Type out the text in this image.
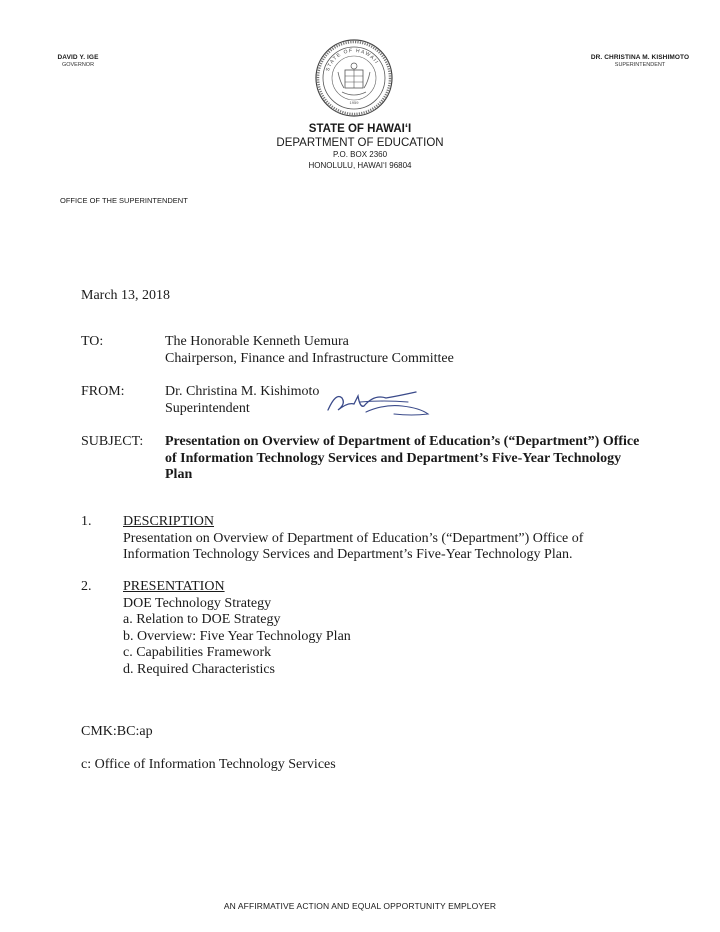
DAVID Y. IGE
GOVERNOR
DR. CHRISTINA M. KISHIMOTO
SUPERINTENDENT
STATE OF HAWAII
1959
STATE OF HAWAI‘I
DEPARTMENT OF EDUCATION
P.O. BOX 2360
HONOLULU, HAWAI‘I 96804
OFFICE OF THE SUPERINTENDENT
March 13, 2018
TO:	The Honorable Kenneth Uemura
Chairperson, Finance and Infrastructure Committee
FROM:	Dr. Christina M. Kishimoto
Superintendent
SUBJECT: Presentation on Overview of Department of Education’s (“Department”) Office
of Information Technology Services and Department’s Five-Year Technology
Plan
1. DESCRIPTION
Presentation on Overview of Department of Education’s (“Department”) Office of
Information Technology Services and Department’s Five-Year Technology Plan.
2. PRESENTATION
DOE Technology Strategy
a. Relation to DOE Strategy
b. Overview: Five Year Technology Plan
c. Capabilities Framework
d. Required Characteristics
CMK:BC:ap
c: Office of Information Technology Services
AN AFFIRMATIVE ACTION AND EQUAL OPPORTUNITY EMPLOYER
